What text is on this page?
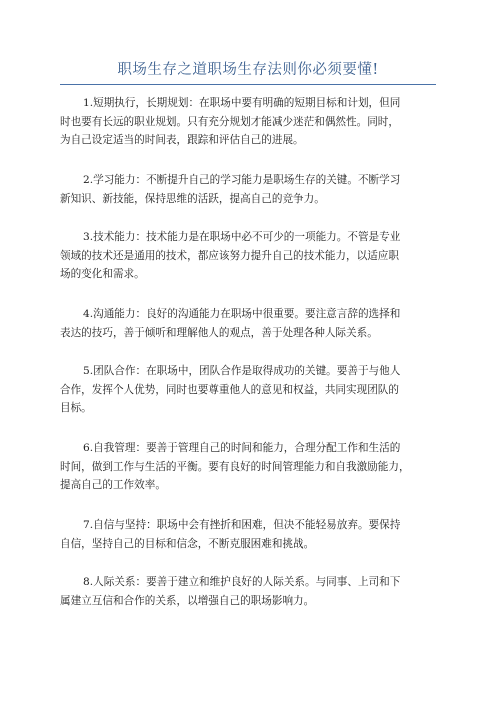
职场生存之道职场生存法则你必须要懂!
1.短期执行，长期规划：在职场中要有明确的短期目标和计划，但同
时也要有长远的职业规划。只有充分规划才能减少迷茫和偶然性。同时，
为自己设定适当的时间表，跟踪和评估自己的进展。
2.学习能力：不断提升自己的学习能力是职场生存的关键。不断学习
新知识、新技能，保持思维的活跃，提高自己的竞争力。
3.技术能力：技术能力是在职场中必不可少的一项能力。不管是专业
领域的技术还是通用的技术，都应该努力提升自己的技术能力，以适应职
场的变化和需求。
4.沟通能力：良好的沟通能力在职场中很重要。要注意言辞的选择和
表达的技巧，善于倾听和理解他人的观点，善于处理各种人际关系。
5.团队合作：在职场中，团队合作是取得成功的关键。要善于与他人
合作，发挥个人优势，同时也要尊重他人的意见和权益，共同实现团队的
目标。
6.自我管理：要善于管理自己的时间和能力，合理分配工作和生活的
时间，做到工作与生活的平衡。要有良好的时间管理能力和自我激励能力，
提高自己的工作效率。
7.自信与坚持：职场中会有挫折和困难，但决不能轻易放弃。要保持
自信，坚持自己的目标和信念，不断克服困难和挑战。
8.人际关系：要善于建立和维护良好的人际关系。与同事、上司和下
属建立互信和合作的关系，以增强自己的职场影响力。
